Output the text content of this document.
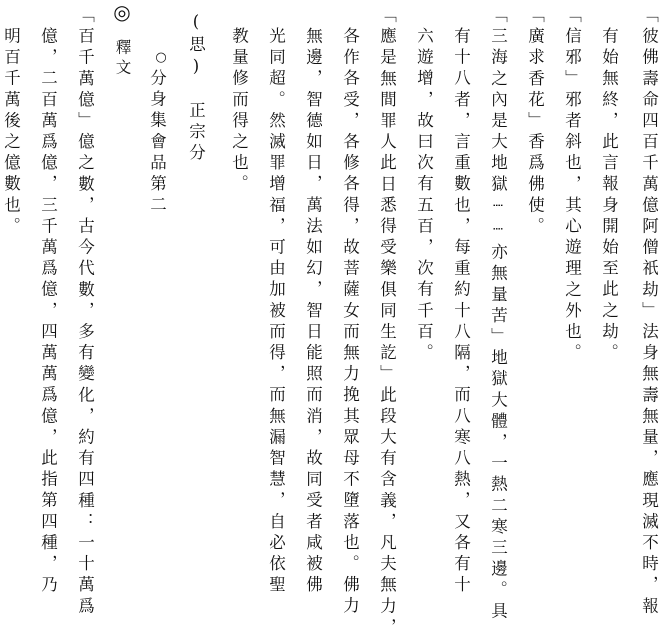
「彼佛壽命四百千萬億阿僧祇劫」法身無壽無量，應現滅不時，報
有始無終，此言報身開始至此之劫。
「信邪」邪者斜也，其心遊理之外也。
「廣求香花」香爲佛使。
「三海之內是大地獄┈┈亦無量苦」地獄大體，一熱二寒三邊。具
有十八者，言重數也，每重約十八隔，而八寒八熱，又各有十
六遊增，故曰次有五百，次有千百。
「應是無間罪人此日悉得受樂俱同生訖」此段大有含義，凡夫無力，
各作各受，各修各得，故菩薩女而無力挽其眾母不墮落也。佛力
無邊，智德如日，萬法如幻，智日能照而消，故同受者咸被佛
光同超。然滅罪增福，可由加被而得，而無漏智慧，自必依聖
教量修而得之也。
(思)　正宗分
○
分身集會品第二
◎
釋文
「百千萬億」億之數，古今代數，多有變化，約有四種：一十萬爲
億，二百萬爲億，三千萬爲億，四萬萬爲億，此指第四種，乃
明百千萬後之億數也。
